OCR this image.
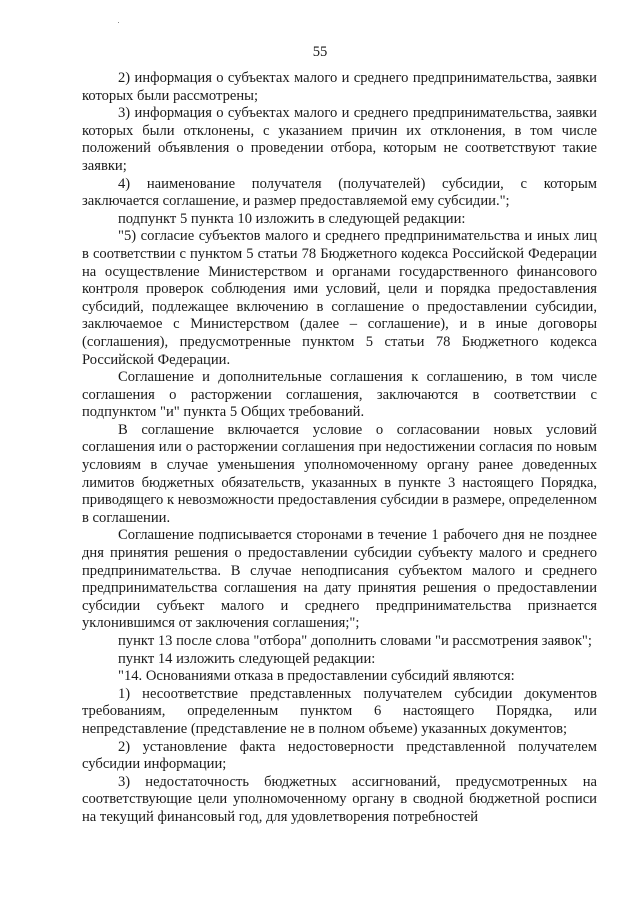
55

2) информация о субъектах малого и среднего предпринимательства, заявки которых были рассмотрены;

3) информация о субъектах малого и среднего предпринимательства, заявки которых были отклонены, с указанием причин их отклонения, в том числе положений объявления о проведении отбора, которым не соответствуют такие заявки;

4) наименование получателя (получателей) субсидии, с которым заключается соглашение, и размер предоставляемой ему субсидии.";

подпункт 5 пункта 10 изложить в следующей редакции:

"5) согласие субъектов малого и среднего предпринимательства и иных лиц в соответствии с пунктом 5 статьи 78 Бюджетного кодекса Российской Федерации на осуществление Министерством и органами государственного финансового контроля проверок соблюдения ими условий, цели и порядка предоставления субсидий, подлежащее включению в соглашение о предоставлении субсидии, заключаемое с Министерством (далее – соглашение), и в иные договоры (соглашения), предусмотренные пунктом 5 статьи 78 Бюджетного кодекса Российской Федерации.

Соглашение и дополнительные соглашения к соглашению, в том числе соглашения о расторжении соглашения, заключаются в соответствии с подпунктом "и" пункта 5 Общих требований.

В соглашение включается условие о согласовании новых условий соглашения или о расторжении соглашения при недостижении согласия по новым условиям в случае уменьшения уполномоченному органу ранее доведенных лимитов бюджетных обязательств, указанных в пункте 3 настоящего Порядка, приводящего к невозможности предоставления субсидии в размере, определенном в соглашении.

Соглашение подписывается сторонами в течение 1 рабочего дня не позднее дня принятия решения о предоставлении субсидии субъекту малого и среднего предпринимательства. В случае неподписания субъектом малого и среднего предпринимательства соглашения на дату принятия решения о предоставлении субсидии субъект малого и среднего предпринимательства признается уклонившимся от заключения соглашения;";

пункт 13 после слова "отбора" дополнить словами "и рассмотрения заявок";

пункт 14 изложить следующей редакции:

"14. Основаниями отказа в предоставлении субсидий являются:

1) несоответствие представленных получателем субсидии документов требованиям, определенным пунктом 6 настоящего Порядка, или непредставление (представление не в полном объеме) указанных документов;

2) установление факта недостоверности представленной получателем субсидии информации;

3) недостаточность бюджетных ассигнований, предусмотренных на соответствующие цели уполномоченному органу в сводной бюджетной росписи на текущий финансовый год, для удовлетворения потребностей
